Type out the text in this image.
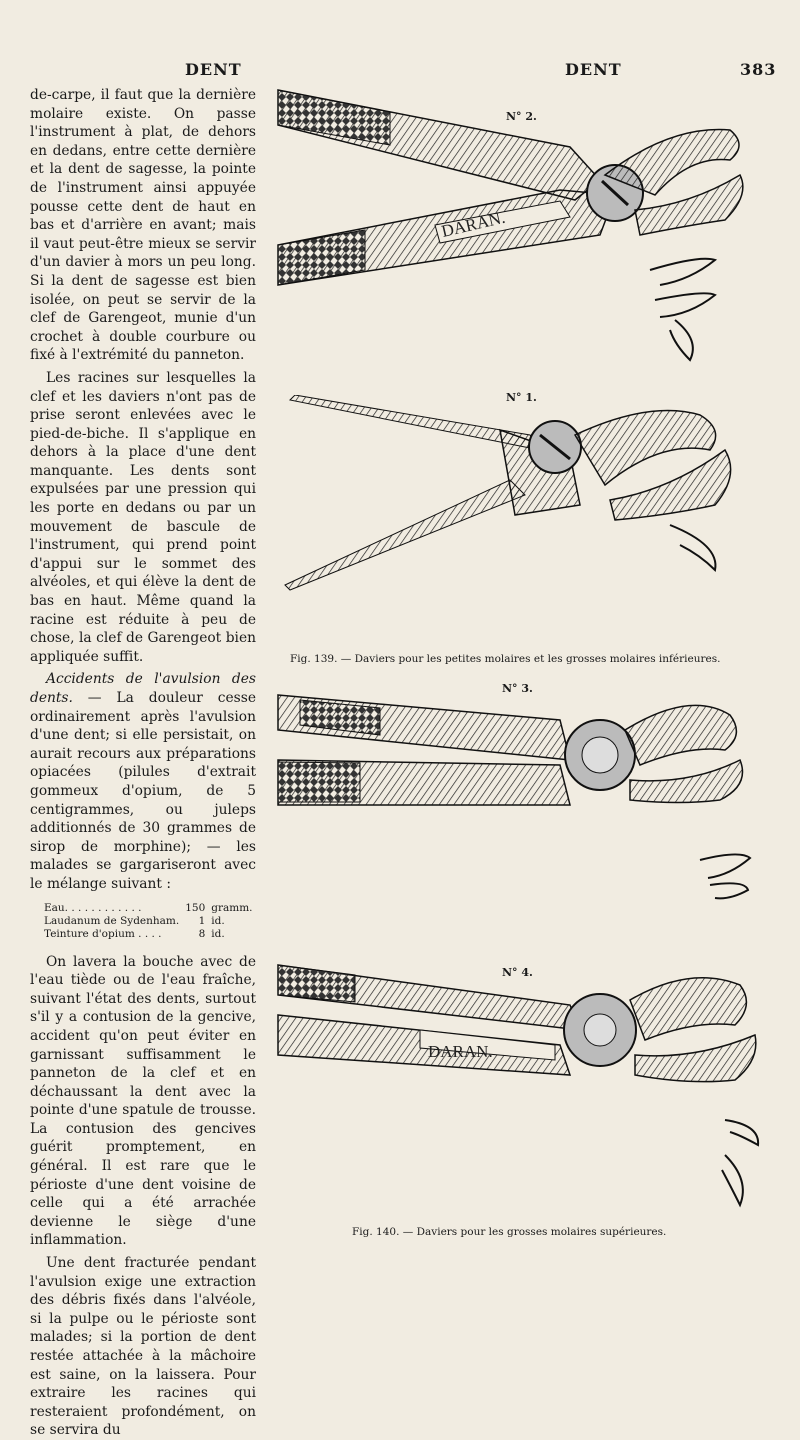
DENT	DENT	383

de-carpe, il faut que la dernière molaire existe. On passe l'instrument à plat, de dehors en dedans, entre cette dernière et la dent de sagesse, la pointe de l'instrument ainsi appuyée pousse cette dent de haut en bas et d'arrière en avant; mais il vaut peut-être mieux se servir d'un davier à mors un peu long. Si la dent de sagesse est bien isolée, on peut se servir de la clef de Garengeot, munie d'un crochet à double courbure ou fixé à l'extrémité du panneton.

Les racines sur lesquelles la clef et les daviers n'ont pas de prise seront enlevées avec le pied-de-biche. Il s'applique en dehors à la place d'une dent manquante. Les dents sont expulsées par une pression qui les porte en dedans ou par un mouvement de bascule de l'instrument, qui prend point d'appui sur le sommet des alvéoles, et qui élève la dent de bas en haut. Même quand la racine est réduite à peu de chose, la clef de Garengeot bien appliquée suffit.

Accidents de l'avulsion des dents. — La douleur cesse ordinairement après l'avulsion d'une dent; si elle persistait, on aurait recours aux préparations opiacées (pilules d'extrait gommeux d'opium, de 5 centigrammes, ou juleps additionnés de 30 grammes de sirop de morphine); — les malades se gargariseront avec le mélange suivant :

Eau. . . . . . . . . . . .	150	gramm.
Laudanum de Sydenham.	1	id.
Teinture d'opium . . . .	8	id.

On lavera la bouche avec de l'eau tiède ou de l'eau fraîche, suivant l'état des dents, surtout s'il y a contusion de la gencive, accident qu'on peut éviter en garnissant suffisamment le panneton de la clef et en déchaussant la dent avec la pointe d'une spatule de trousse. La contusion des gencives guérit promptement, en général. Il est rare que le périoste d'une dent voisine de celle qui a été arrachée devienne le siège d'une inflammation.

Une dent fracturée pendant l'avulsion exige une extraction des débris fixés dans l'alvéole, si la pulpe ou le périoste sont malades; si la portion de dent restée attachée à la mâchoire est saine, on la laissera. Pour extraire les racines qui resteraient profondément, on se servira du

N° 2.
DARAN.
N° 1.
Fig. 139. — Daviers pour les petites molaires et les grosses molaires inférieures.
N° 3.
N° 4.
DARAN.
Fig. 140. — Daviers pour les grosses molaires supérieures.
